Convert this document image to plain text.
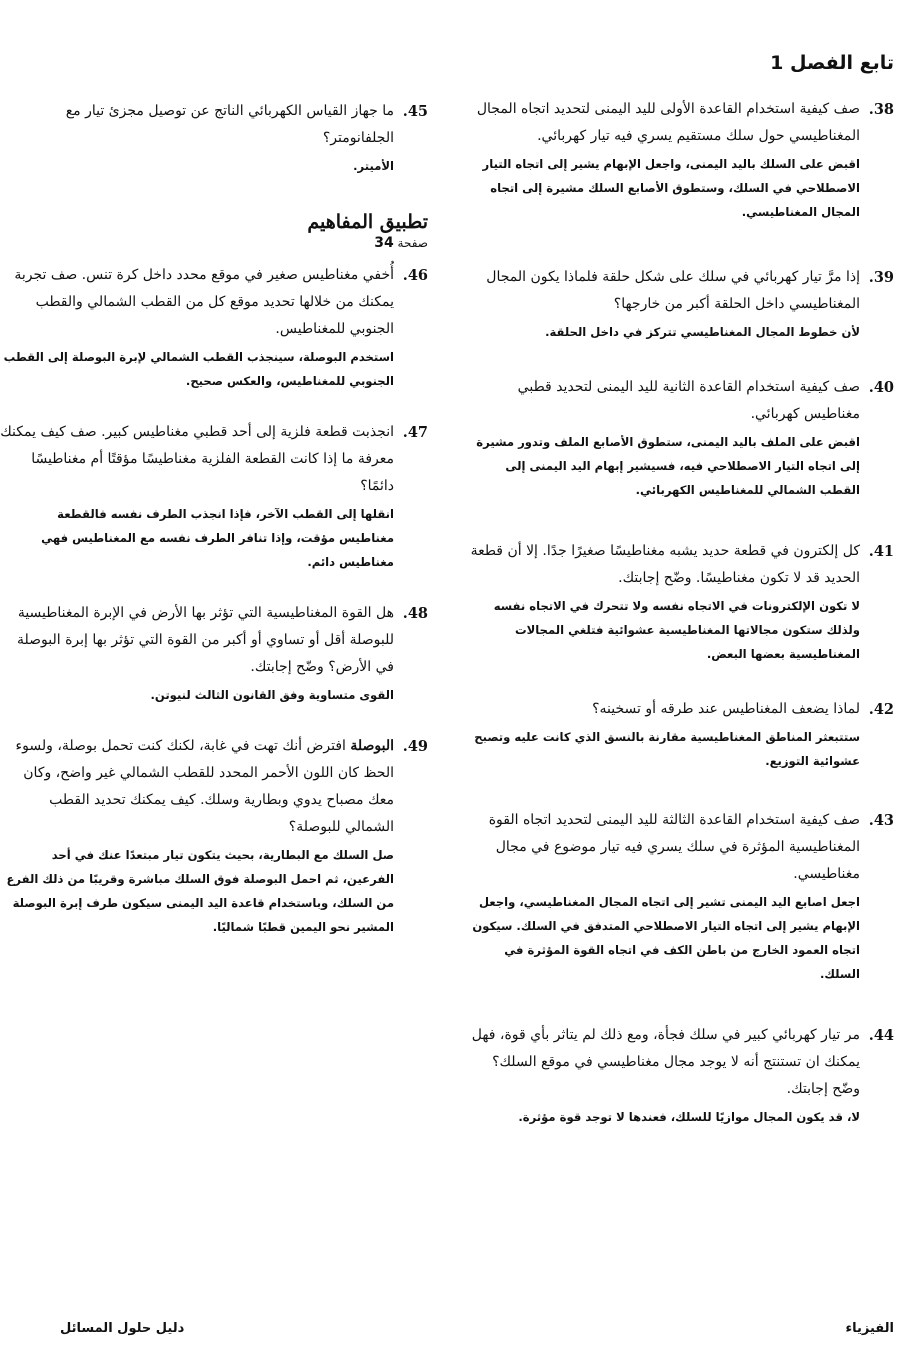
تابع الفصل 1
38.

صف كيفية استخدام القاعدة الأولى لليد اليمنى لتحديد اتجاه المجال المغناطيسي حول سلك مستقيم يسري فيه تيار كهربائي.

اقبض على السلك باليد اليمنى، واجعل الإبهام يشير إلى اتجاه التيار الاصطلاحي في السلك، وستطوق الأصابع السلك مشيرة إلى اتجاه المجال المغناطيسي.

39.

إذا مرَّ تيار كهربائي في سلك على شكل حلقة فلماذا يكون المجال المغناطيسي داخل الحلقة أكبر من خارجها؟

لأن خطوط المجال المغناطيسي تتركز في داخل الحلقة.

40.

صف كيفية استخدام القاعدة الثانية لليد اليمنى لتحديد قطبي مغناطيس كهربائي.

اقبض على الملف باليد اليمنى، ستطوق الأصابع الملف وتدور مشيرة إلى اتجاه التيار الاصطلاحي فيه، فسيشير إبهام اليد اليمنى إلى القطب الشمالي للمغناطيس الكهربائي.

41.

كل إلكترون في قطعة حديد يشبه مغناطيسًا صغيرًا جدًا. إلا أن قطعة الحديد قد لا تكون مغناطيسًا. وضّح إجابتك.

لا تكون الإلكترونات في الاتجاه نفسه ولا تتحرك في الاتجاه نفسه ولذلك ستكون مجالاتها المغناطيسية عشوائية فتلغي المجالات المغناطيسية بعضها البعض.

42.

لماذا يضعف المغناطيس عند طرقه أو تسخينه؟

ستتبعثر المناطق المغناطيسية مقارنة بالنسق الذي كانت عليه وتصبح عشوائية التوزيع.

43.

صف كيفية استخدام القاعدة الثالثة لليد اليمنى لتحديد اتجاه القوة المغناطيسية المؤثرة في سلك يسري فيه تيار موضوع في مجال مغناطيسي.

اجعل اصابع اليد اليمنى تشير إلى اتجاه المجال المغناطيسي، واجعل الإبهام يشير إلى اتجاه التيار الاصطلاحي المتدفق في السلك. سيكون اتجاه العمود الخارج من باطن الكف في اتجاه القوة المؤثرة في السلك.

44.

مر تيار كهربائي كبير في سلك فجأة، ومع ذلك لم يتاثر بأي قوة، فهل يمكنك ان تستنتج أنه لا يوجد مجال مغناطيسي في موقع السلك؟ وضّح إجابتك.

لا، قد يكون المجال موازيًا للسلك، فعندها لا توجد قوة مؤثرة.

45.

ما جهاز القياس الكهربائي الناتج عن توصيل مجزئ تيار مع الجلفانومتر؟

الأميتر.

تطبيق المفاهيم

صفحة 34

46.

أُخفي مغناطيس صغير في موقع محدد داخل كرة تنس. صف تجربة يمكنك من خلالها تحديد موقع كل من القطب الشمالي والقطب الجنوبي للمغناطيس.

استخدم البوصلة، سينجذب القطب الشمالي لإبرة البوصلة إلى القطب الجنوبي للمغناطيس، والعكس صحيح.

47.

انجذبت قطعة فلزية إلى أحد قطبي مغناطيس كبير. صف كيف يمكنك معرفة ما إذا كانت القطعة الفلزية مغناطيسًا مؤقتًا أم مغناطيسًا دائمًا؟

انقلها إلى القطب الآخر، فإذا انجذب الطرف نفسه فالقطعة مغناطيس مؤقت، وإذا تنافر الطرف نفسه مع المغناطيس فهي مغناطيس دائم.

48.

هل القوة المغناطيسية التي تؤثر بها الأرض في الإبرة المغناطيسية للبوصلة أقل أو تساوي أو أكبر من القوة التي تؤثر بها إبرة البوصلة في الأرض؟ وضّح إجابتك.

القوى متساوية وفق القانون الثالث لنيوتن.

49.

البوصلة افترض أنك تهت في غابة، لكنك كنت تحمل بوصلة، ولسوء الحظ كان اللون الأحمر المحدد للقطب الشمالي غير واضح، وكان معك مصباح يدوي وبطارية وسلك. كيف يمكنك تحديد القطب الشمالي للبوصلة؟

صل السلك مع البطارية، بحيث يتكون تيار مبتعدًا عنك في أحد الفرعين، ثم احمل البوصلة فوق السلك مباشرة وقريبًا من ذلك الفرع من السلك، وباستخدام قاعدة اليد اليمنى سيكون طرف إبرة البوصلة المشير نحو اليمين قطبًا شماليًا.

الفيزياء

دليل حلول المسائل
